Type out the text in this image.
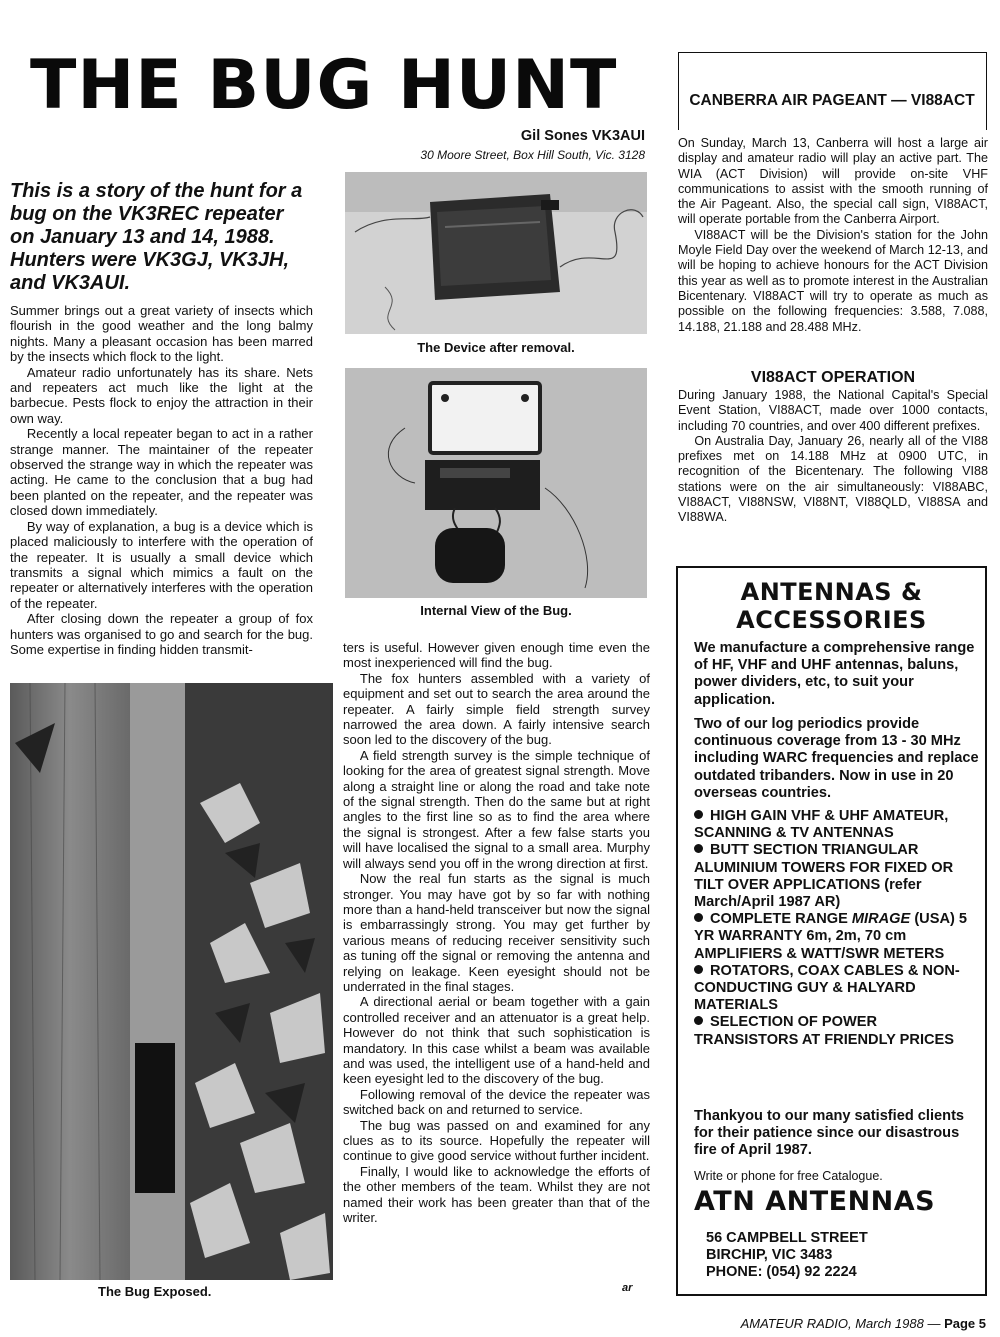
THE BUG HUNT
Gil Sones VK3AUI
30 Moore Street, Box Hill South, Vic. 3128
This is a story of the hunt for a bug on the VK3REC repeater on January 13 and 14, 1988. Hunters were VK3GJ, VK3JH, and VK3AUI.

Summer brings out a great variety of insects which flourish in the good weather and the long balmy nights. Many a pleasant occasion has been marred by the insects which flock to the light.

Amateur radio unfortunately has its share. Nets and repeaters act much like the light at the barbecue. Pests flock to enjoy the attraction in their own way.

Recently a local repeater began to act in a rather strange manner. The maintainer of the repeater observed the strange way in which the repeater was acting. He came to the conclusion that a bug had been planted on the repeater, and the repeater was closed down immediately.

By way of explanation, a bug is a device which is placed maliciously to interfere with the operation of the repeater. It is usually a small device which transmits a signal which mimics a fault on the repeater or alternatively interferes with the operation of the repeater.

After closing down the repeater a group of fox hunters was organised to go and search for the bug. Some expertise in finding hidden transmit-

The Device after removal.
Internal View of the Bug.
The Bug Exposed.

ters is useful. However given enough time even the most inexperienced will find the bug.

The fox hunters assembled with a variety of equipment and set out to search the area around the repeater. A fairly simple field strength survey narrowed the area down. A fairly intensive search soon led to the discovery of the bug.

A field strength survey is the simple technique of looking for the area of greatest signal strength. Move along a straight line or along the road and take note of the signal strength. Then do the same but at right angles to the first line so as to find the area where the signal is strongest. After a few false starts you will have localised the signal to a small area. Murphy will always send you off in the wrong direction at first.

Now the real fun starts as the signal is much stronger. You may have got by so far with nothing more than a hand-held transceiver but now the signal is embarrassingly strong. You may get further by various means of reducing receiver sensitivity such as tuning off the signal or removing the antenna and relying on leakage. Keen eyesight should not be underrated in the final stages.

A directional aerial or beam together with a gain controlled receiver and an attenuator is a great help. However do not think that such sophistication is mandatory. In this case whilst a beam was available and was used, the intelligent use of a hand-held and keen eyesight led to the discovery of the bug.

Following removal of the device the repeater was switched back on and returned to service.

The bug was passed on and examined for any clues as to its source. Hopefully the repeater will continue to give good service without further incident.

Finally, I would like to acknowledge the efforts of the other members of the team. Whilst they are not named their work has been greater than that of the writer.

ar
CANBERRA AIR PAGEANT — VI88ACT

On Sunday, March 13, Canberra will host a large air display and amateur radio will play an active part. The WIA (ACT Division) will provide on-site VHF communications to assist with the smooth running of the Air Pageant. Also, the special call sign, VI88ACT, will operate portable from the Canberra Airport.

VI88ACT will be the Division's station for the John Moyle Field Day over the weekend of March 12-13, and will be hoping to achieve honours for the ACT Division this year as well as to promote interest in the Australian Bicentenary. VI88ACT will try to operate as much as possible on the following frequencies: 3.588, 7.088, 14.188, 21.188 and 28.488 MHz.

VI88ACT OPERATION

During January 1988, the National Capital's Special Event Station, VI88ACT, made over 1000 contacts, including 70 countries, and over 400 different prefixes.

On Australia Day, January 26, nearly all of the VI88 prefixes met on 14.188 MHz at 0900 UTC, in recognition of the Bicentenary. The following VI88 stations were on the air simultaneously: VI88ABC, VI88ACT, VI88NSW, VI88NT, VI88QLD, VI88SA and VI88WA.

ANTENNAS &
ACCESSORIES
We manufacture a comprehensive range of HF, VHF and UHF antennas, baluns, power dividers, etc, to suit your application.
Two of our log periodics provide continuous coverage from 13 - 30 MHz including WARC frequencies and replace outdated tribanders. Now in use in 20 overseas countries.
HIGH GAIN VHF & UHF AMATEUR, SCANNING & TV ANTENNAS
BUTT SECTION TRIANGULAR ALUMINIUM TOWERS FOR FIXED OR TILT OVER APPLICATIONS (refer March/April 1987 AR)
COMPLETE RANGE MIRAGE (USA) 5 YR WARRANTY 6m, 2m, 70 cm AMPLIFIERS & WATT/SWR METERS
ROTATORS, COAX CABLES & NON-CONDUCTING GUY & HALYARD MATERIALS
SELECTION OF POWER TRANSISTORS AT FRIENDLY PRICES
Thankyou to our many satisfied clients for their patience since our disastrous fire of April 1987.
Write or phone for free Catalogue.
ATN ANTENNAS
56 CAMPBELL STREET
BIRCHIP, VIC 3483
PHONE: (054) 92 2224
AMATEUR RADIO, March 1988 — Page 5
